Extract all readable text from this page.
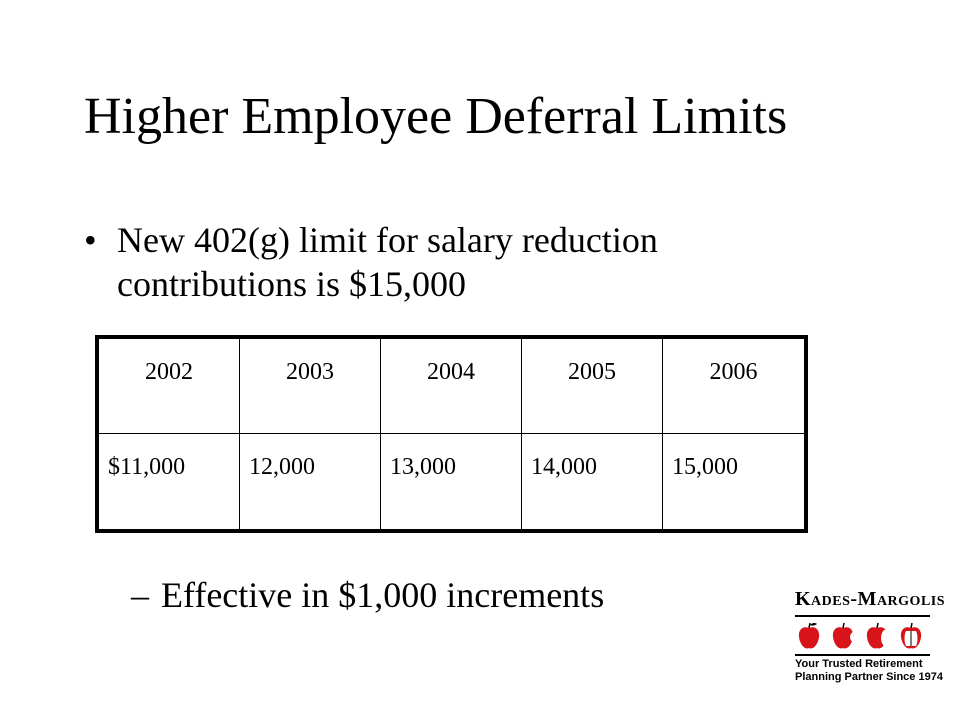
Higher Employee Deferral Limits
• New 402(g) limit for salary reduction contributions is $15,000
2002	2003	2004	2005	2006
$11,000	12,000	13,000	14,000	15,000
– Effective in $1,000 increments	Kades-Margolis
Your Trusted Retirement
Planning Partner Since 1974
